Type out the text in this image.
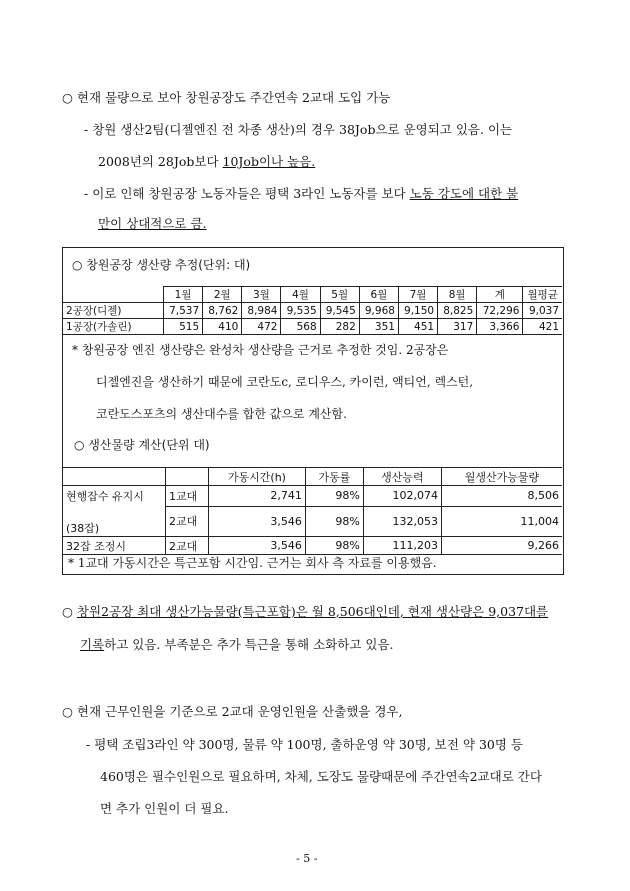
○ 현재 물량으로 보아 창원공장도 주간연속 2교대 도입 가능
- 창원 생산2팀(디젤엔진 전 차종 생산)의 경우 38Job으로 운영되고 있음. 이는
2008년의 28Job보다 10Job이나 높음.
- 이로 인해 창원공장 노동자들은 평택 3라인 노동자를 보다 노동 강도에 대한 불
만이 상대적으로 큼.
○ 창원공장 생산량 추정(단위: 대)
	1월	2월	3월	4월	5월	6월	7월	8월	계	월평균
2공장(디젤)	7,537	8,762	8,984	9,535	9,545	9,968	9,150	8,825	72,296	9,037
1공장(가솔린)	515	410	472	568	282	351	451	317	3,366	421
* 창원공장 엔진 생산량은 완성차 생산량을 근거로 추정한 것임. 2공장은
디젤엔진을 생산하기 때문에 코란도c, 로디우스, 카이런, 액티언, 렉스턴,
코란도스포츠의 생산대수를 합한 값으로 계산함.
○ 생산물량 계산(단위 대)
		가동시간(h)	가동률	생산능력	월생산가능물량
현행잡수 유지시	1교대	2,741	98%	102,074	8,506
(38잡)	2교대	3,546	98%	132,053	11,004
32잡 조정시	2교대	3,546	98%	111,203	9,266
* 1교대 가동시간은 특근포함 시간임. 근거는 회사 측 자료를 이용했음.
○ 창원2공장 최대 생산가능물량(특근포함)은 월 8,506대인데, 현재 생산량은 9,037대를
기록하고 있음. 부족분은 추가 특근을 통해 소화하고 있음.
○ 현재 근무인원을 기준으로 2교대 운영인원을 산출했을 경우,
- 평택 조립3라인 약 300명, 물류 약 100명, 출하운영 약 30명, 보전 약 30명 등
460명은 필수인원으로 필요하며, 차체, 도장도 물량때문에 주간연속2교대로 간다
면 추가 인원이 더 필요.
- 5 -
